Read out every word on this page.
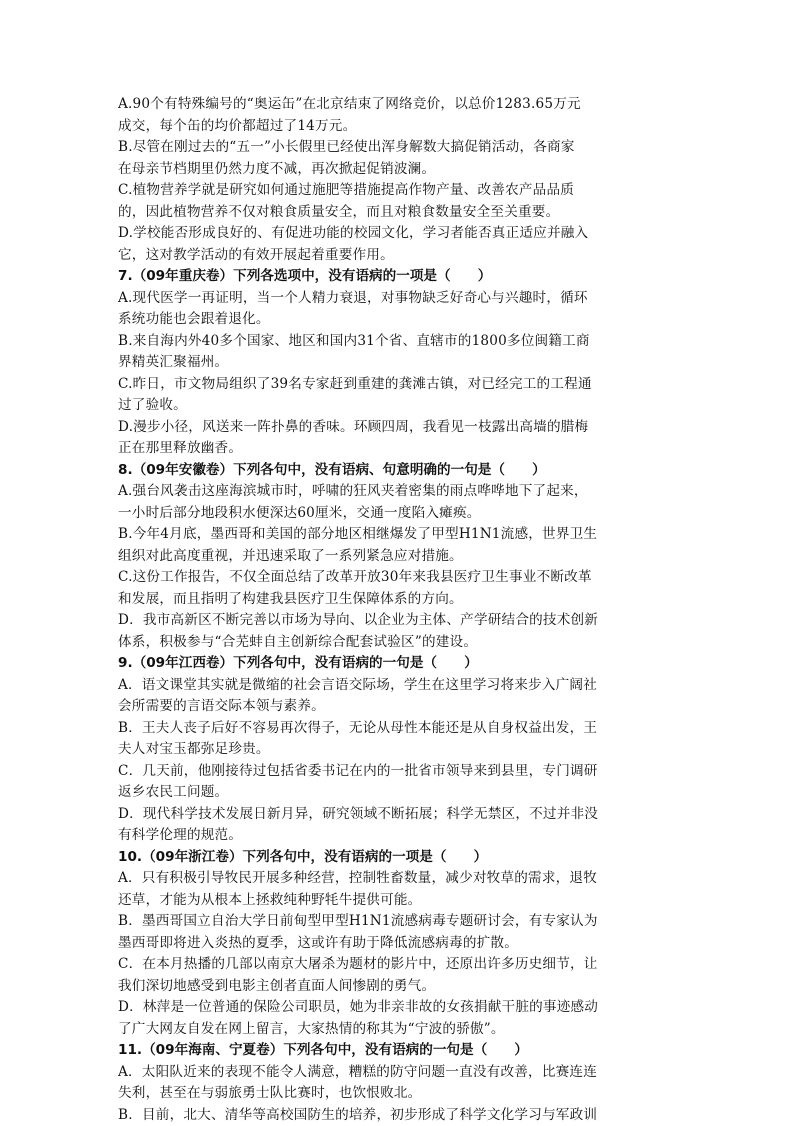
A.90个有特殊编号的“奥运缶”在北京结束了网络竞价，以总价1283.65万元
成交，每个缶的均价都超过了14万元。
B.尽管在刚过去的“五一”小长假里已经使出浑身解数大搞促销活动，各商家
在母亲节档期里仍然力度不减，再次掀起促销波澜。
C.植物营养学就是研究如何通过施肥等措施提高作物产量、改善农产品品质
的，因此植物营养不仅对粮食质量安全，而且对粮食数量安全至关重要。
D.学校能否形成良好的、有促进功能的校园文化，学习者能否真正适应并融入
它，这对教学活动的有效开展起着重要作用。
7.（09年重庆卷）下列各选项中，没有语病的一项是（　　）
A.现代医学一再证明，当一个人精力衰退，对事物缺乏好奇心与兴趣时，循环
系统功能也会跟着退化。
B.来自海内外40多个国家、地区和国内31个省、直辖市的1800多位闽籍工商
界精英汇聚福州。
C.昨日，市文物局组织了39名专家赶到重建的龚滩古镇，对已经完工的工程通
过了验收。
D.漫步小径，风送来一阵扑鼻的香味。环顾四周，我看见一枝露出高墙的腊梅
正在那里释放幽香。
8.（09年安徽卷）下列各句中，没有语病、句意明确的一句是（　　）
A.强台风袭击这座海滨城市时，呼啸的狂风夹着密集的雨点哗哗地下了起来，
一小时后部分地段积水便深达60厘米，交通一度陷入瘫痪。
B.今年4月底，墨西哥和美国的部分地区相继爆发了甲型H1N1流感，世界卫生
组织对此高度重视，并迅速采取了一系列紧急应对措施。
C.这份工作报告，不仅全面总结了改革开放30年来我县医疗卫生事业不断改革
和发展，而且指明了构建我县医疗卫生保障体系的方向。
D．我市高新区不断完善以市场为导向、以企业为主体、产学研结合的技术创新
体系，积极参与“合芜蚌自主创新综合配套试验区”的建设。
9.（09年江西卷）下列各句中，没有语病的一句是（　　）
A．语文课堂其实就是微缩的社会言语交际场，学生在这里学习将来步入广阔社
会所需要的言语交际本领与素养。
B．王夫人丧子后好不容易再次得子，无论从母性本能还是从自身权益出发，王
夫人对宝玉都弥足珍贵。
C．几天前，他刚接待过包括省委书记在内的一批省市领导来到县里，专门调研
返乡农民工问题。
D．现代科学技术发展日新月异，研究领域不断拓展；科学无禁区，不过并非没
有科学伦理的规范。
10.（09年浙江卷）下列各句中，没有语病的一项是（　　）
A．只有积极引导牧民开展多种经营，控制牲畜数量，减少对牧草的需求，退牧
还草，才能为从根本上拯救纯种野牦牛提供可能。
B．墨西哥国立自治大学日前甸型甲型H1N1流感病毒专题研讨会，有专家认为
墨西哥即将进入炎热的夏季，这或许有助于降低流感病毒的扩散。
C．在本月热播的几部以南京大屠杀为题材的影片中，还原出许多历史细节，让
我们深切地感受到电影主创者直面人间惨剧的勇气。
D．林萍是一位普通的保险公司职员，她为非亲非故的女孩捐献干脏的事迹感动
了广大网友自发在网上留言，大家热情的称其为“宁波的骄傲”。
11.（09年海南、宁夏卷）下列各句中，没有语病的一句是（　　）
A．太阳队近来的表现不能令人满意，糟糕的防守问题一直没有改善，比赛连连
失利，甚至在与弱旅勇士队比赛时，也饮恨败北。
B．目前，北大、清华等高校国防生的培养，初步形成了科学文化学习与军政训
